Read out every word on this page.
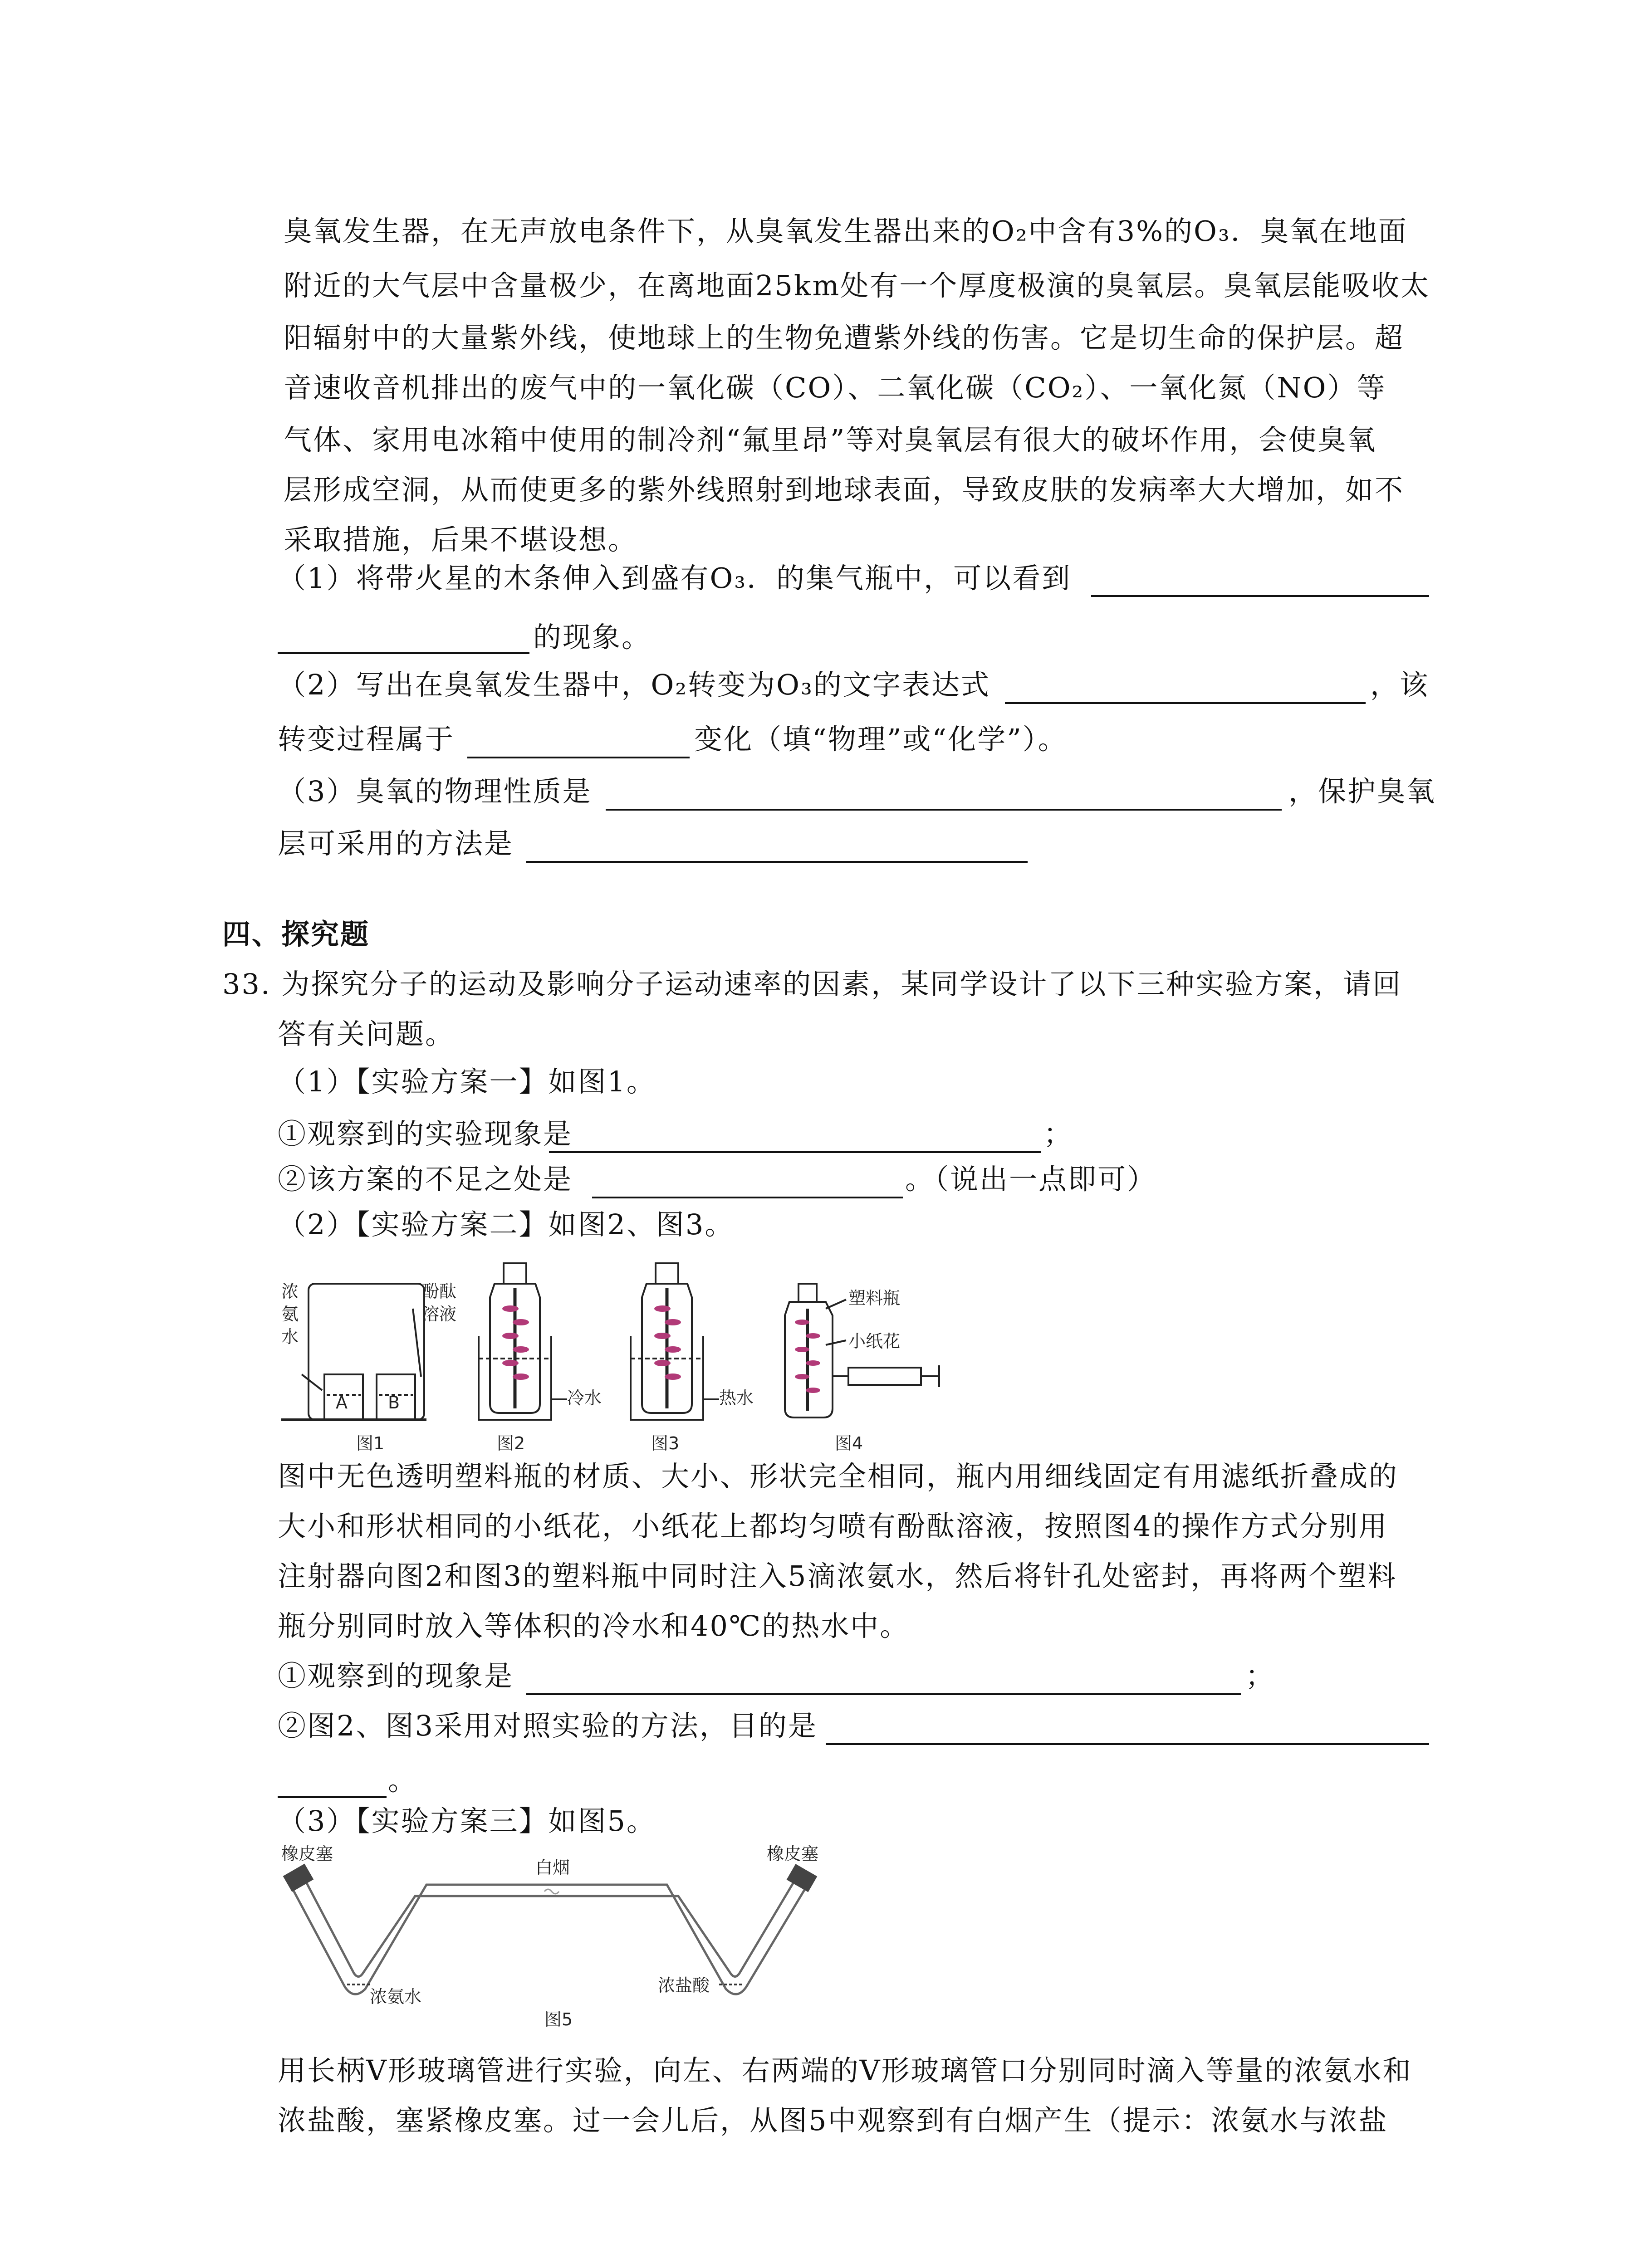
臭氧发生器，在无声放电条件下，从臭氧发生器出来的O₂中含有3%的O₃．臭氧在地面
附近的大气层中含量极少，在离地面25km处有一个厚度极演的臭氧层。臭氧层能吸收太
阳辐射中的大量紫外线，使地球上的生物免遭紫外线的伤害。它是切生命的保护层。超
音速收音机排出的废气中的一氧化碳（CO）、二氧化碳（CO₂）、一氧化氮（NO）等
气体、家用电冰箱中使用的制冷剂“氟里昂”等对臭氧层有很大的破坏作用，会使臭氧
层形成空洞，从而使更多的紫外线照射到地球表面，导致皮肤的发病率大大增加，如不
采取措施，后果不堪设想。
（1）将带火星的木条伸入到盛有O₃．的集气瓶中，可以看到
的现象。
（2）写出在臭氧发生器中，O₂转变为O₃的文字表达式	，该
转变过程属于	变化（填“物理”或“化学”）。
（3）臭氧的物理性质是	，保护臭氧
层可采用的方法是
四、探究题
33. 为探究分子的运动及影响分子运动速率的因素，某同学设计了以下三种实验方案，请回
答有关问题。
（1）【实验方案一】如图1。
①观察到的实验现象是	；
②该方案的不足之处是	。（说出一点即可）
（2）【实验方案二】如图2、图3。
浓
氨
水
酚酞
溶液
A B
图1
冷水
图2
热水
图3
塑料瓶
小纸花
图4
图中无色透明塑料瓶的材质、大小、形状完全相同，瓶内用细线固定有用滤纸折叠成的
大小和形状相同的小纸花，小纸花上都均匀喷有酚酞溶液，按照图4的操作方式分别用
注射器向图2和图3的塑料瓶中同时注入5滴浓氨水，然后将针孔处密封，再将两个塑料
瓶分别同时放入等体积的冷水和40℃的热水中。
①观察到的现象是	；
②图2、图3采用对照实验的方法，目的是
。
（3）【实验方案三】如图5。
橡皮塞	橡皮塞
白烟
浓氨水
浓盐酸
图5
用长柄V形玻璃管进行实验，向左、右两端的V形玻璃管口分别同时滴入等量的浓氨水和
浓盐酸，塞紧橡皮塞。过一会儿后，从图5中观察到有白烟产生（提示：浓氨水与浓盐
